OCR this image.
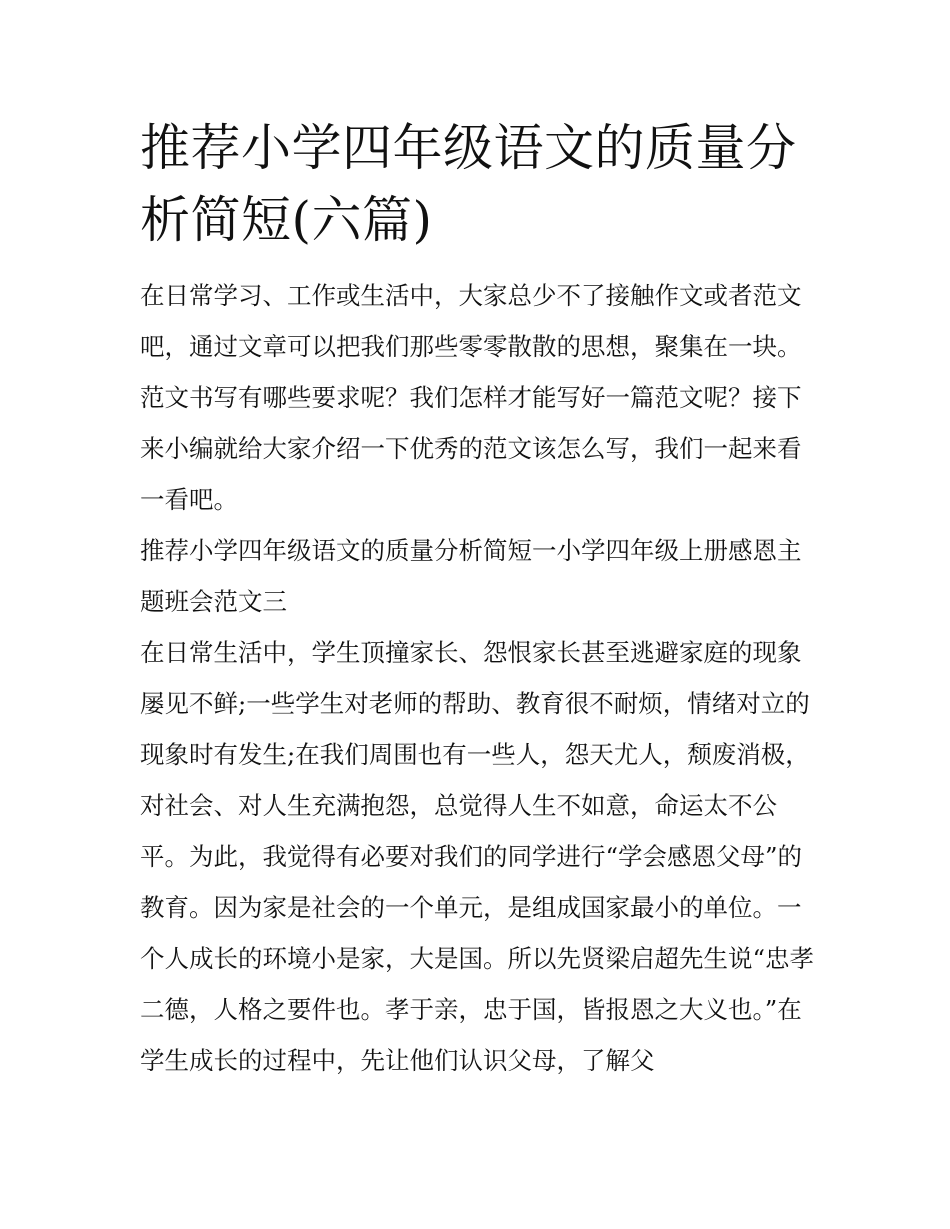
推荐小学四年级语文的质量分析简短(六篇)

在日常学习、工作或生活中，大家总少不了接触作文或者范文吧，通过文章可以把我们那些零零散散的思想，聚集在一块。范文书写有哪些要求呢？我们怎样才能写好一篇范文呢？接下来小编就给大家介绍一下优秀的范文该怎么写，我们一起来看一看吧。

推荐小学四年级语文的质量分析简短一小学四年级上册感恩主题班会范文三

在日常生活中，学生顶撞家长、怨恨家长甚至逃避家庭的现象屡见不鲜;一些学生对老师的帮助、教育很不耐烦，情绪对立的现象时有发生;在我们周围也有一些人，怨天尤人，颓废消极，对社会、对人生充满抱怨，总觉得人生不如意，命运太不公平。为此，我觉得有必要对我们的同学进行“学会感恩父母”的教育。因为家是社会的一个单元，是组成国家最小的单位。一个人成长的环境小是家，大是国。所以先贤梁启超先生说“忠孝二德，人格之要件也。孝于亲，忠于国，皆报恩之大义也。”在学生成长的过程中，先让他们认识父母，了解父
